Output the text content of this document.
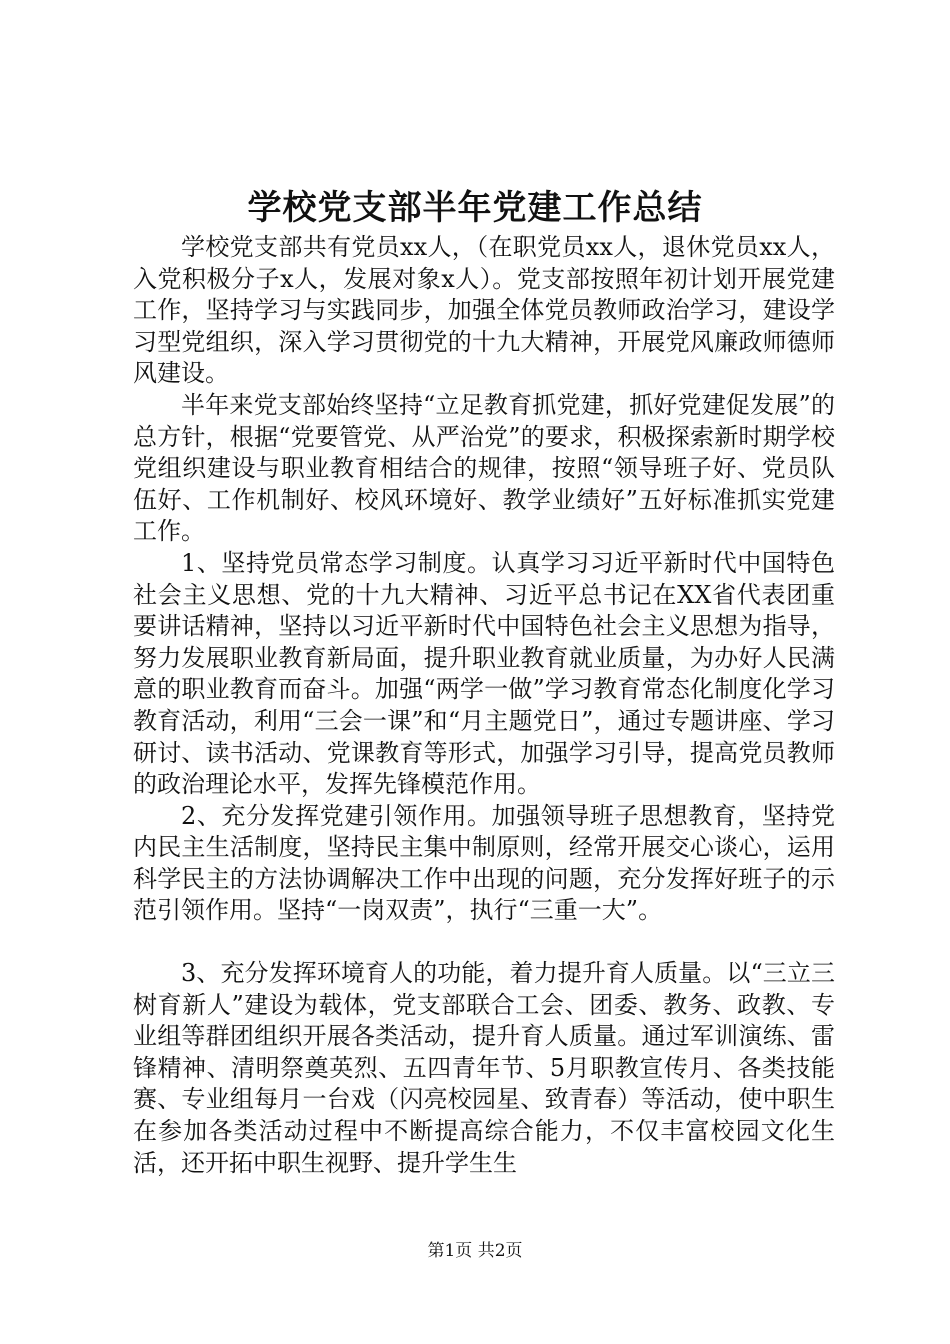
学校党支部半年党建工作总结

学校党支部共有党员xx人，（在职党员xx人，退休党员xx人，入党积极分子x人，发展对象x人）。党支部按照年初计划开展党建工作，坚持学习与实践同步，加强全体党员教师政治学习，建设学习型党组织，深入学习贯彻党的十九大精神，开展党风廉政师德师风建设。

半年来党支部始终坚持“立足教育抓党建，抓好党建促发展”的总方针，根据“党要管党、从严治党”的要求，积极探索新时期学校党组织建设与职业教育相结合的规律，按照“领导班子好、党员队伍好、工作机制好、校风环境好、教学业绩好”五好标准抓实党建工作。

1、坚持党员常态学习制度。认真学习习近平新时代中国特色社会主义思想、党的十九大精神、习近平总书记在XX省代表团重要讲话精神，坚持以习近平新时代中国特色社会主义思想为指导，努力发展职业教育新局面，提升职业教育就业质量，为办好人民满意的职业教育而奋斗。加强“两学一做”学习教育常态化制度化学习教育活动，利用“三会一课”和“月主题党日”，通过专题讲座、学习研讨、读书活动、党课教育等形式，加强学习引导，提高党员教师的政治理论水平，发挥先锋模范作用。

2、充分发挥党建引领作用。加强领导班子思想教育，坚持党内民主生活制度，坚持民主集中制原则，经常开展交心谈心，运用科学民主的方法协调解决工作中出现的问题，充分发挥好班子的示范引领作用。坚持“一岗双责”，执行“三重一大”。

3、充分发挥环境育人的功能，着力提升育人质量。以“三立三树育新人”建设为载体，党支部联合工会、团委、教务、政教、专业组等群团组织开展各类活动，提升育人质量。通过军训演练、雷锋精神、清明祭奠英烈、五四青年节、5月职教宣传月、各类技能赛、专业组每月一台戏（闪亮校园星、致青春）等活动，使中职生在参加各类活动过程中不断提高综合能力，不仅丰富校园文化生活，还开拓中职生视野、提升学生生

第1页 共2页
